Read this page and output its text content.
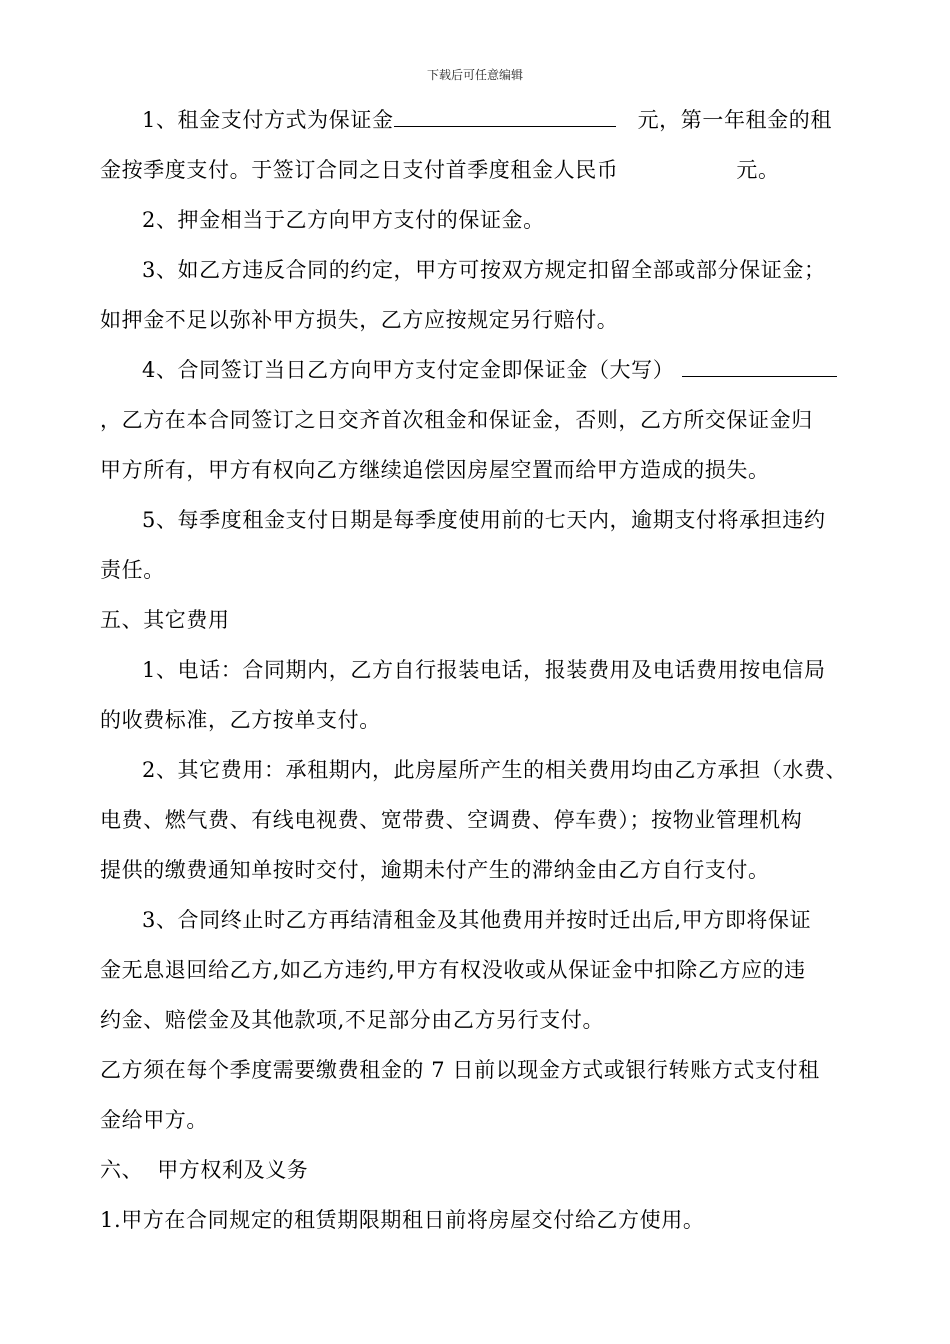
下载后可任意编辑
1、租金支付方式为保证金	元，第一年租金的租
金按季度支付。于签订合同之日支付首季度租金人民币	元。
2、押金相当于乙方向甲方支付的保证金。
3、如乙方违反合同的约定，甲方可按双方规定扣留全部或部分保证金；
如押金不足以弥补甲方损失，乙方应按规定另行赔付。
4、合同签订当日乙方向甲方支付定金即保证金（大写）
，乙方在本合同签订之日交齐首次租金和保证金，否则，乙方所交保证金归
甲方所有，甲方有权向乙方继续追偿因房屋空置而给甲方造成的损失。
5、每季度租金支付日期是每季度使用前的七天内，逾期支付将承担违约
责任。
五、其它费用
1、电话：合同期内，乙方自行报装电话，报装费用及电话费用按电信局
的收费标准，乙方按单支付。
2、其它费用：承租期内，此房屋所产生的相关费用均由乙方承担（水费、
电费、燃气费、有线电视费、宽带费、空调费、停车费）；按物业管理机构
提供的缴费通知单按时交付，逾期未付产生的滞纳金由乙方自行支付。
3、合同终止时乙方再结清租金及其他费用并按时迁出后,甲方即将保证
金无息退回给乙方,如乙方违约,甲方有权没收或从保证金中扣除乙方应的违
约金、赔偿金及其他款项,不足部分由乙方另行支付。
乙方须在每个季度需要缴费租金的 7 日前以现金方式或银行转账方式支付租
金给甲方。
六、 甲方权利及义务
1.甲方在合同规定的租赁期限期租日前将房屋交付给乙方使用。
